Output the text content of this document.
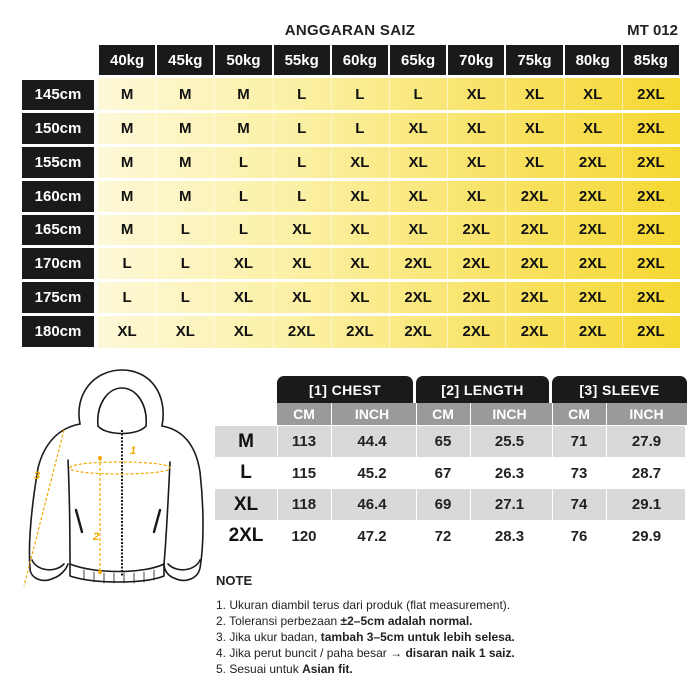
ANGGARAN SAIZ	MT 012
40kg	45kg	50kg	55kg	60kg	65kg	70kg	75kg	80kg	85kg
145cm	M	M	M	L	L	L	XL	XL	XL	2XL
150cm	M	M	M	L	L	XL	XL	XL	XL	2XL
155cm	M	M	L	L	XL	XL	XL	XL	2XL	2XL
160cm	M	M	L	L	XL	XL	XL	2XL	2XL	2XL
165cm	M	L	L	XL	XL	XL	2XL	2XL	2XL	2XL
170cm	L	L	XL	XL	XL	2XL	2XL	2XL	2XL	2XL
175cm	L	L	XL	XL	XL	2XL	2XL	2XL	2XL	2XL
180cm	XL	XL	XL	2XL	2XL	2XL	2XL	2XL	2XL	2XL
1
2
3
[1] CHEST	[2] LENGTH	[3] SLEEVE
CM	INCH	CM	INCH	CM	INCH
M	113	44.4	65	25.5	71	27.9
L	115	45.2	67	26.3	73	28.7
XL	118	46.4	69	27.1	74	29.1
2XL	120	47.2	72	28.3	76	29.9
NOTE
1. Ukuran diambil terus dari produk (flat measurement).
2. Toleransi perbezaan ±2–5cm adalah normal.
3. Jika ukur badan, tambah 3–5cm untuk lebih selesa.
4. Jika perut buncit / paha besar → disaran naik 1 saiz.
5. Sesuai untuk Asian fit.
